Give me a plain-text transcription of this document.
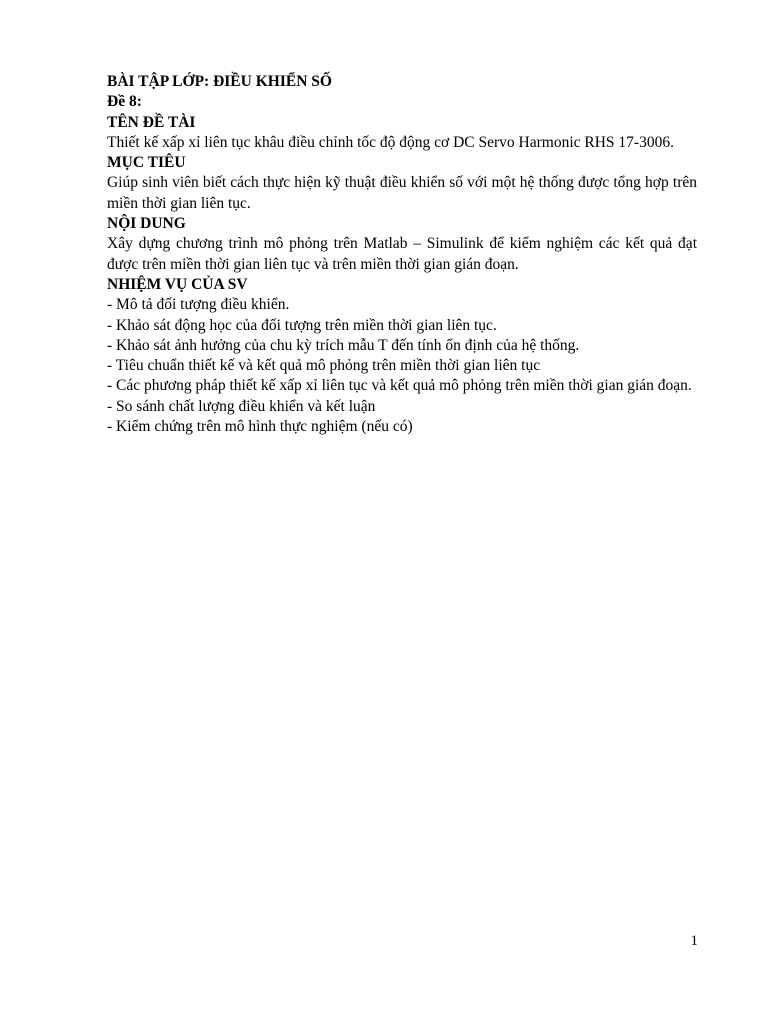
BÀI TẬP LỚP: ĐIỀU KHIỂN SỐ

Đề 8:

TÊN ĐỀ TÀI

Thiết kế xấp xỉ liên tục khâu điều chỉnh tốc độ động cơ DC Servo Harmonic RHS 17-3006.

MỤC TIÊU

Giúp sinh viên biết cách thực hiện kỹ thuật điều khiển số với một hệ thống được tổng hợp trên miền thời gian liên tục.

NỘI DUNG

Xây dựng chương trình mô phỏng trên Matlab – Simulink để kiểm nghiệm các kết quả đạt được trên miền thời gian liên tục và trên miền thời gian gián đoạn.

NHIỆM VỤ CỦA SV

- Mô tả đối tượng điều khiển.

- Khảo sát động học của đối tượng trên miền thời gian liên tục.

- Khảo sát ảnh hưởng của chu kỳ trích mẫu T đến tính ổn định của hệ thống.

- Tiêu chuẩn thiết kế và kết quả mô phỏng trên miền thời gian liên tục

- Các phương pháp thiết kế xấp xỉ liên tục và kết quả mô phỏng trên miền thời gian gián đoạn.

- So sánh chất lượng điều khiển và kết luận

- Kiểm chứng trên mô hình thực nghiệm (nếu có)

1
